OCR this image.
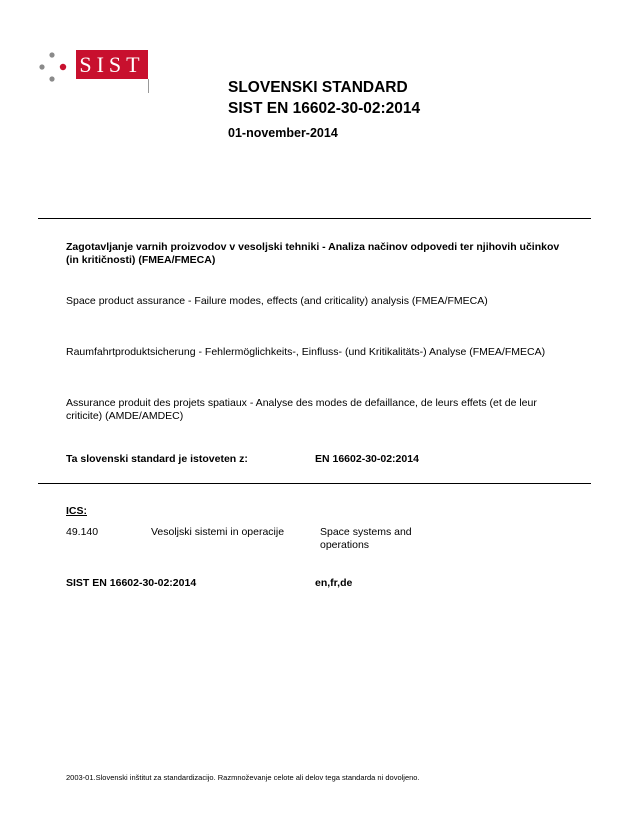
SIST
SLOVENSKI STANDARD
SIST EN 16602-30-02:2014
01-november-2014
Zagotavljanje varnih proizvodov v vesoljski tehniki - Analiza načinov odpovedi ter njihovih učinkov (in kritičnosti) (FMEA/FMECA)
Space product assurance - Failure modes, effects (and criticality) analysis (FMEA/FMECA)
Raumfahrtproduktsicherung - Fehlermöglichkeits-, Einfluss- (und Kritikalitäts-) Analyse (FMEA/FMECA)
Assurance produit des projets spatiaux - Analyse des modes de defaillance, de leurs effets (et de leur criticite) (AMDE/AMDEC)
Ta slovenski standard je istoveten z:	EN 16602-30-02:2014
ICS:
49.140	Vesoljski sistemi in operacije	Space systems and operations
SIST EN 16602-30-02:2014	en,fr,de
2003-01.Slovenski inštitut za standardizacijo. Razmnoževanje celote ali delov tega standarda ni dovoljeno.
